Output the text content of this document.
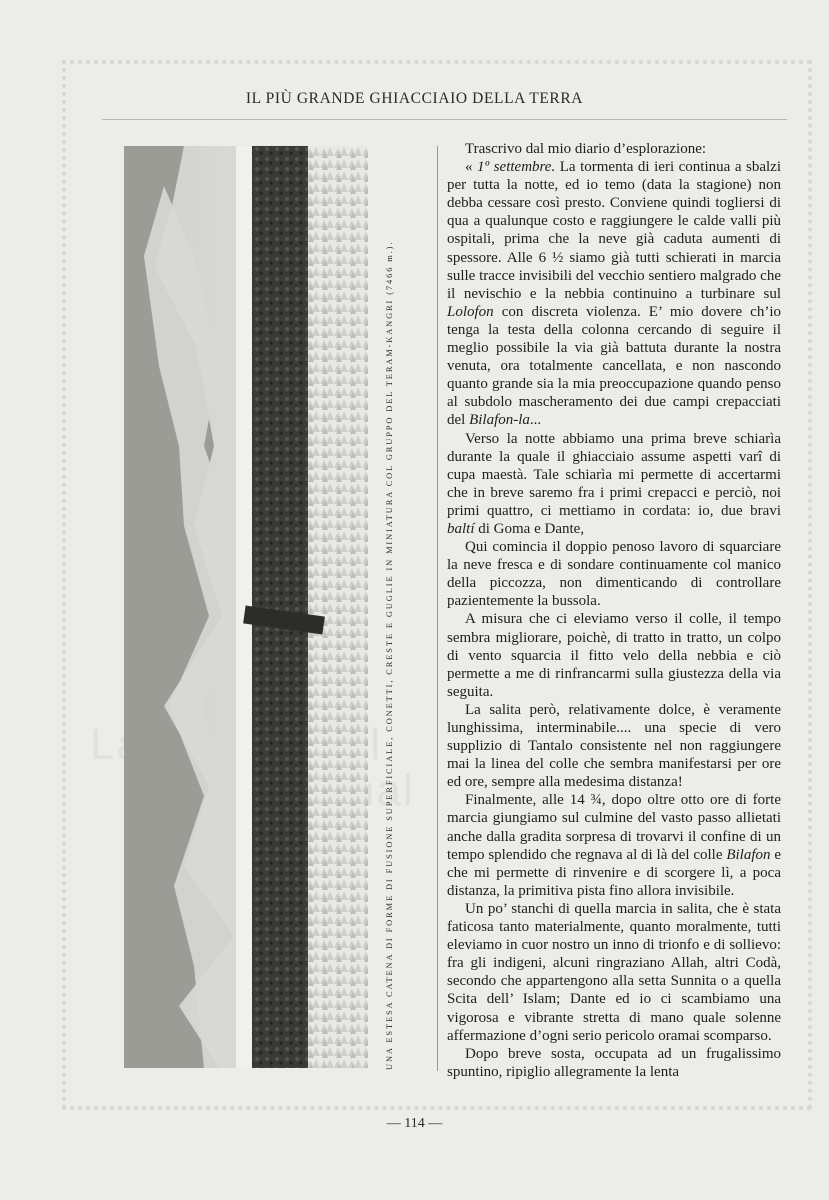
La
IL PIÙ GRANDE GHIACCIAIO DELLA TERRA
UNA ESTESA CATENA DI FORME DI FUSIONE SUPERFICIALE, CONETTI, CRESTE E GUGLIE IN MINIATURA COL GRUPPO DEL TERAM-KANGRI (7466 m.).

Trascrivo dal mio diario d’esplorazione:

« 1º settembre. La tormenta di ieri continua a sbalzi per tutta la notte, ed io temo (data la stagione) non debba cessare così presto. Conviene quindi togliersi di qua a qualunque costo e raggiungere le calde valli più ospitali, prima che la neve già caduta aumenti di spessore. Alle 6 ½ siamo già tutti schierati in marcia sulle tracce invisibili del vecchio sentiero malgrado che il nevischio e la nebbia continuino a turbinare sul Lolofon con discreta violenza. E’ mio dovere ch’io tenga la testa della colonna cercando di seguire il meglio possibile la via già battuta durante la nostra venuta, ora totalmente cancellata, e non nascondo quanto grande sia la mia preoccupazione quando penso al subdolo mascheramento dei due campi crepacciati del Bilafon-la...

Verso la notte abbiamo una prima breve schiarìa durante la quale il ghiacciaio assume aspetti varî di cupa maestà. Tale schiarìa mi permette di accertarmi che in breve saremo fra i primi crepacci e perciò, noi primi quattro, ci mettiamo in cordata: io, due bravi baltí di Goma e Dante,

Qui comincia il doppio penoso lavoro di squarciare la neve fresca e di sondare continuamente col manico della piccozza, non dimenticando di controllare pazientemente la bussola.

A misura che ci eleviamo verso il colle, il tempo sembra migliorare, poichè, di tratto in tratto, un colpo di vento squarcia il fitto velo della nebbia e ciò permette a me di rinfrancarmi sulla giustezza della via seguita.

La salita però, relativamente dolce, è veramente lunghissima, interminabile.... una specie di vero supplizio di Tantalo consistente nel non raggiungere mai la linea del colle che sembra manifestarsi per ore ed ore, sempre alla medesima distanza!

Finalmente, alle 14 ¾, dopo oltre otto ore di forte marcia giungiamo sul culmine del vasto passo allietati anche dalla gradita sorpresa di trovarvi il confine di un tempo splendido che regnava al di là del colle Bilafon e che mi permette di rinvenire e di scorgere lì, a poca distanza, la primitiva pista fino allora invisibile.

Un po’ stanchi di quella marcia in salita, che è stata faticosa tanto materialmente, quanto moralmente, tutti eleviamo in cuor nostro un inno di trionfo e di sollievo: fra gli indigeni, alcuni ringraziano Allah, altri Codà, secondo che appartengono alla setta Sunnita o a quella Scita dell’ Islam; Dante ed io ci scambiamo una vigorosa e vibrante stretta di mano quale solenne affermazione d’ogni serio pericolo oramai scomparso.

Dopo breve sosta, occupata ad un frugalissimo spuntino, ripiglio allegramente la lenta

— 114 —
